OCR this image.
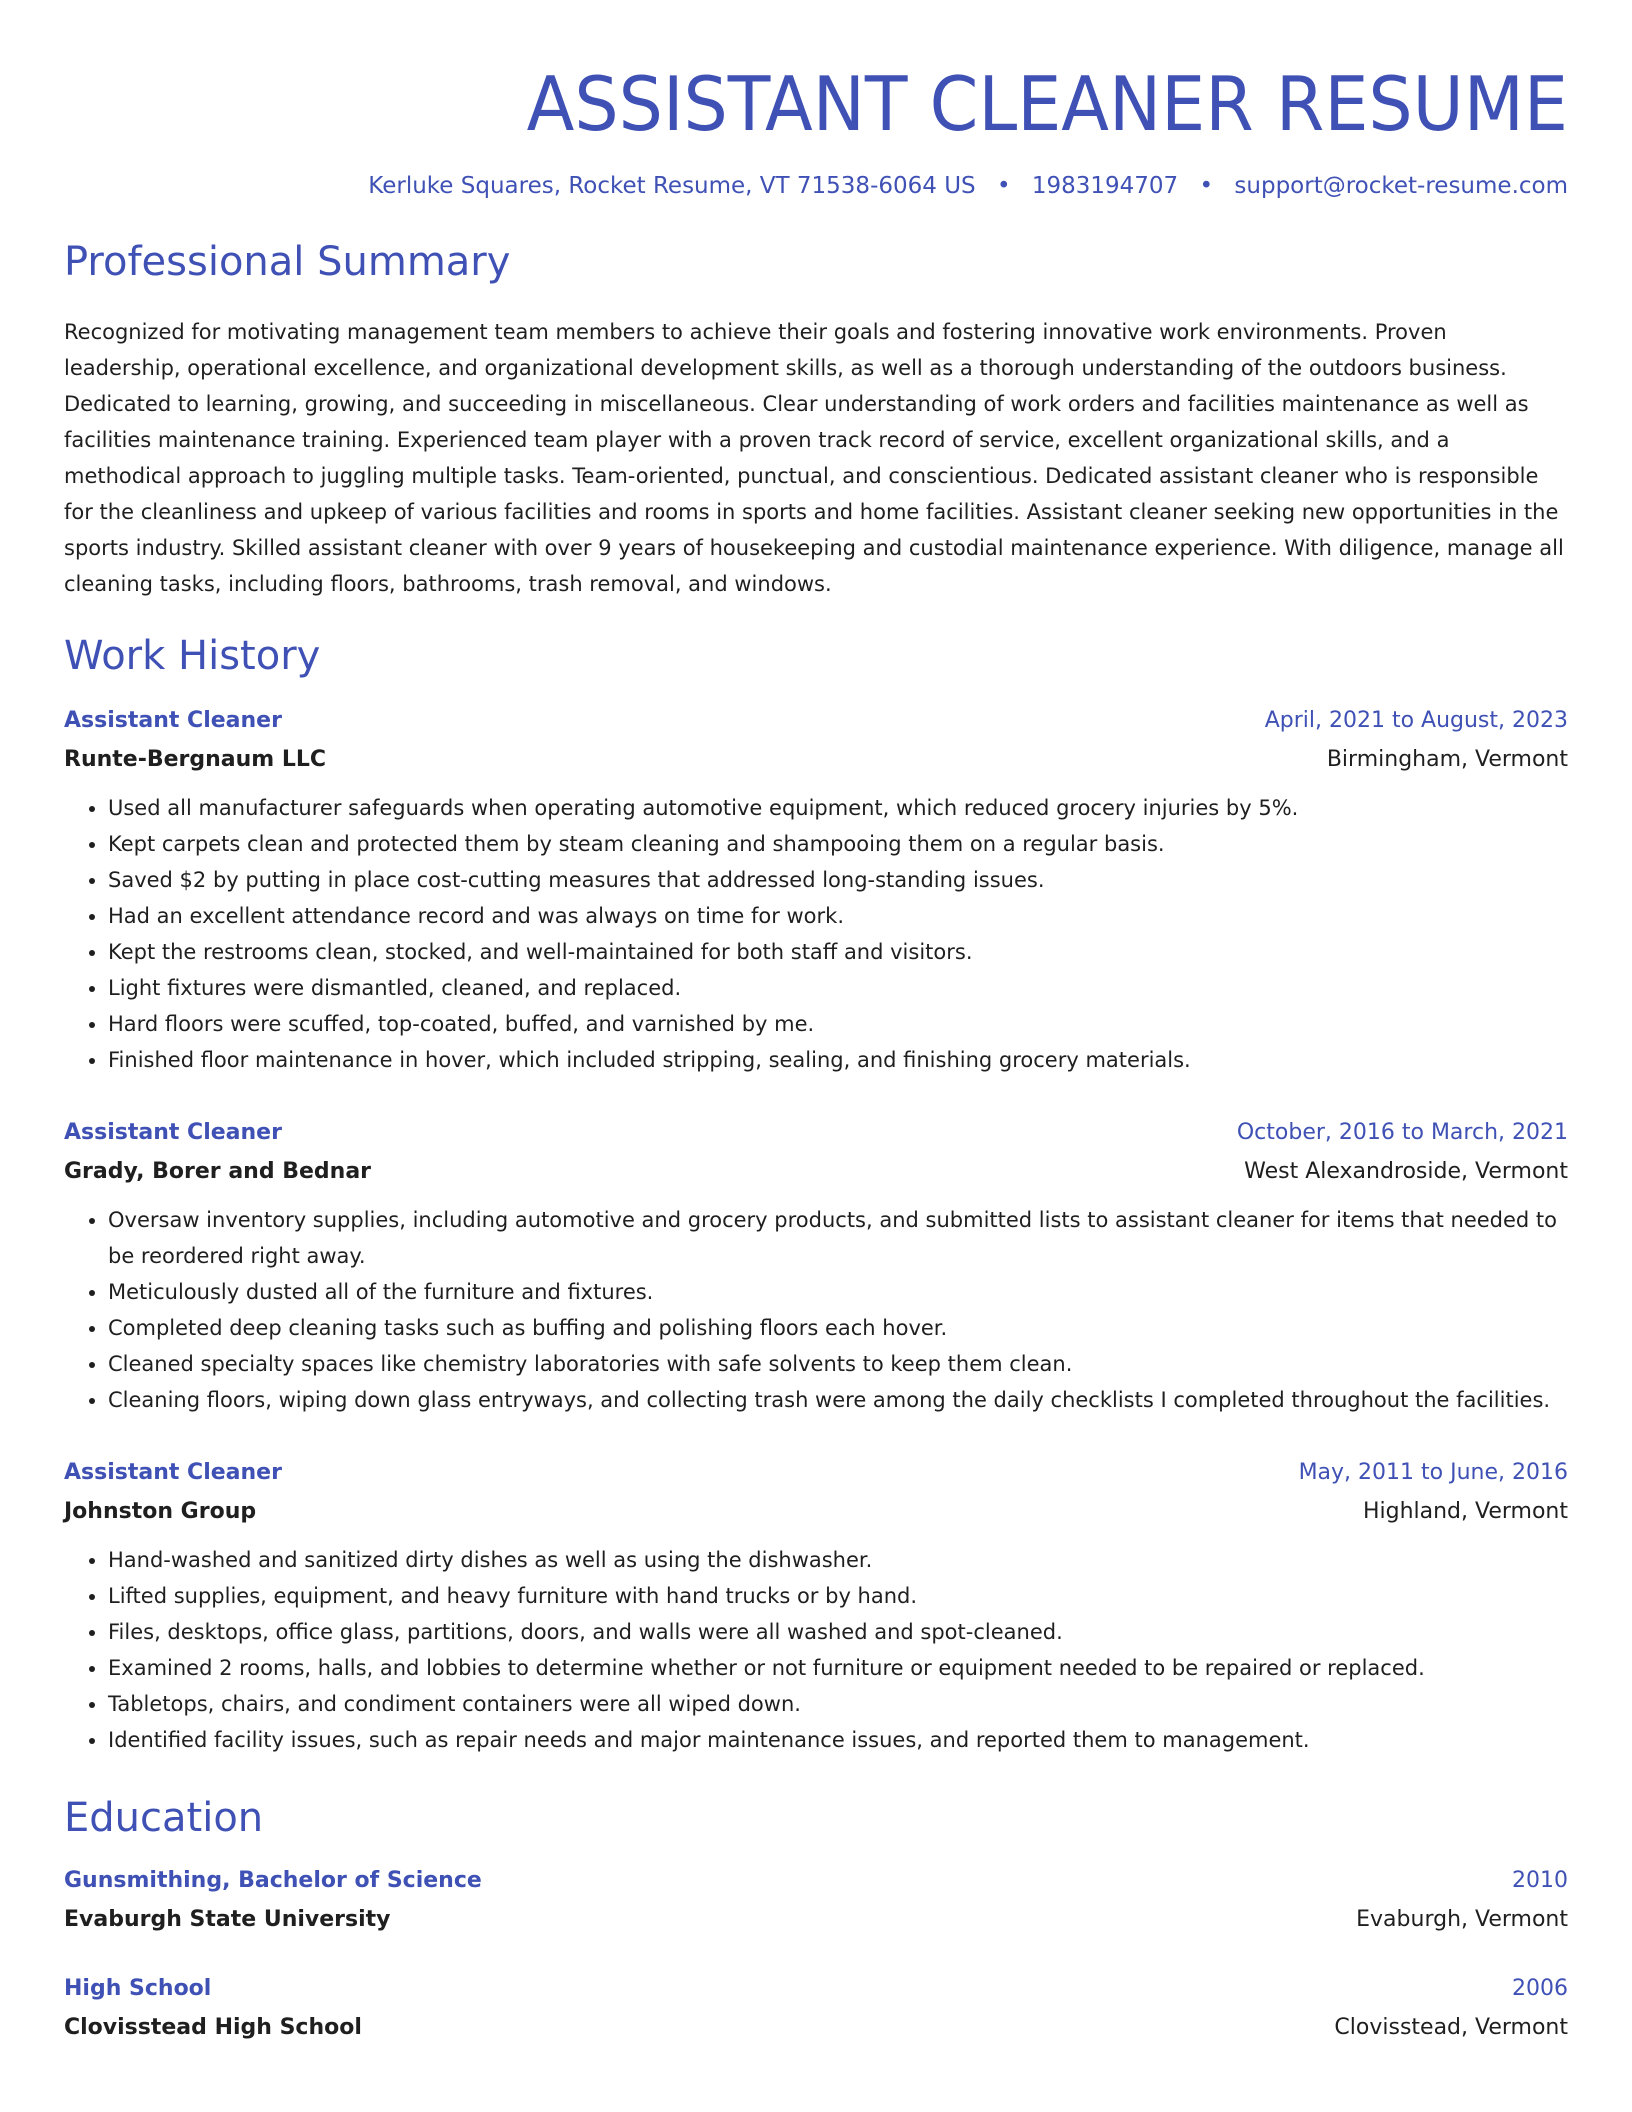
ASSISTANT CLEANER RESUME
Kerluke Squares, Rocket Resume, VT 71538-6064 US • 1983194707 • support@rocket-resume.com
Professional Summary
Recognized for motivating management team members to achieve their goals and fostering innovative work environments. Proven leadership, operational excellence, and organizational development skills, as well as a thorough understanding of the outdoors business. Dedicated to learning, growing, and succeeding in miscellaneous. Clear understanding of work orders and facilities maintenance as well as facilities maintenance training. Experienced team player with a proven track record of service, excellent organizational skills, and a methodical approach to juggling multiple tasks. Team-oriented, punctual, and conscientious. Dedicated assistant cleaner who is responsible for the cleanliness and upkeep of various facilities and rooms in sports and home facilities. Assistant cleaner seeking new opportunities in the sports industry. Skilled assistant cleaner with over 9 years of housekeeping and custodial maintenance experience. With diligence, manage all cleaning tasks, including floors, bathrooms, trash removal, and windows.
Work History
Assistant Cleaner	April, 2021 to August, 2023
Runte-Bergnaum LLC	Birmingham, Vermont
• Used all manufacturer safeguards when operating automotive equipment, which reduced grocery injuries by 5%.
• Kept carpets clean and protected them by steam cleaning and shampooing them on a regular basis.
• Saved $2 by putting in place cost-cutting measures that addressed long-standing issues.
• Had an excellent attendance record and was always on time for work.
• Kept the restrooms clean, stocked, and well-maintained for both staff and visitors.
• Light fixtures were dismantled, cleaned, and replaced.
• Hard floors were scuffed, top-coated, buffed, and varnished by me.
• Finished floor maintenance in hover, which included stripping, sealing, and finishing grocery materials.
Assistant Cleaner	October, 2016 to March, 2021
Grady, Borer and Bednar	West Alexandroside, Vermont
• Oversaw inventory supplies, including automotive and grocery products, and submitted lists to assistant cleaner for items that needed to be reordered right away.
• Meticulously dusted all of the furniture and fixtures.
• Completed deep cleaning tasks such as buffing and polishing floors each hover.
• Cleaned specialty spaces like chemistry laboratories with safe solvents to keep them clean.
• Cleaning floors, wiping down glass entryways, and collecting trash were among the daily checklists I completed throughout the facilities.
Assistant Cleaner	May, 2011 to June, 2016
Johnston Group	Highland, Vermont
• Hand-washed and sanitized dirty dishes as well as using the dishwasher.
• Lifted supplies, equipment, and heavy furniture with hand trucks or by hand.
• Files, desktops, office glass, partitions, doors, and walls were all washed and spot-cleaned.
• Examined 2 rooms, halls, and lobbies to determine whether or not furniture or equipment needed to be repaired or replaced.
• Tabletops, chairs, and condiment containers were all wiped down.
• Identified facility issues, such as repair needs and major maintenance issues, and reported them to management.
Education
Gunsmithing, Bachelor of Science	2010
Evaburgh State University	Evaburgh, Vermont
High School	2006
Clovisstead High School	Clovisstead, Vermont
